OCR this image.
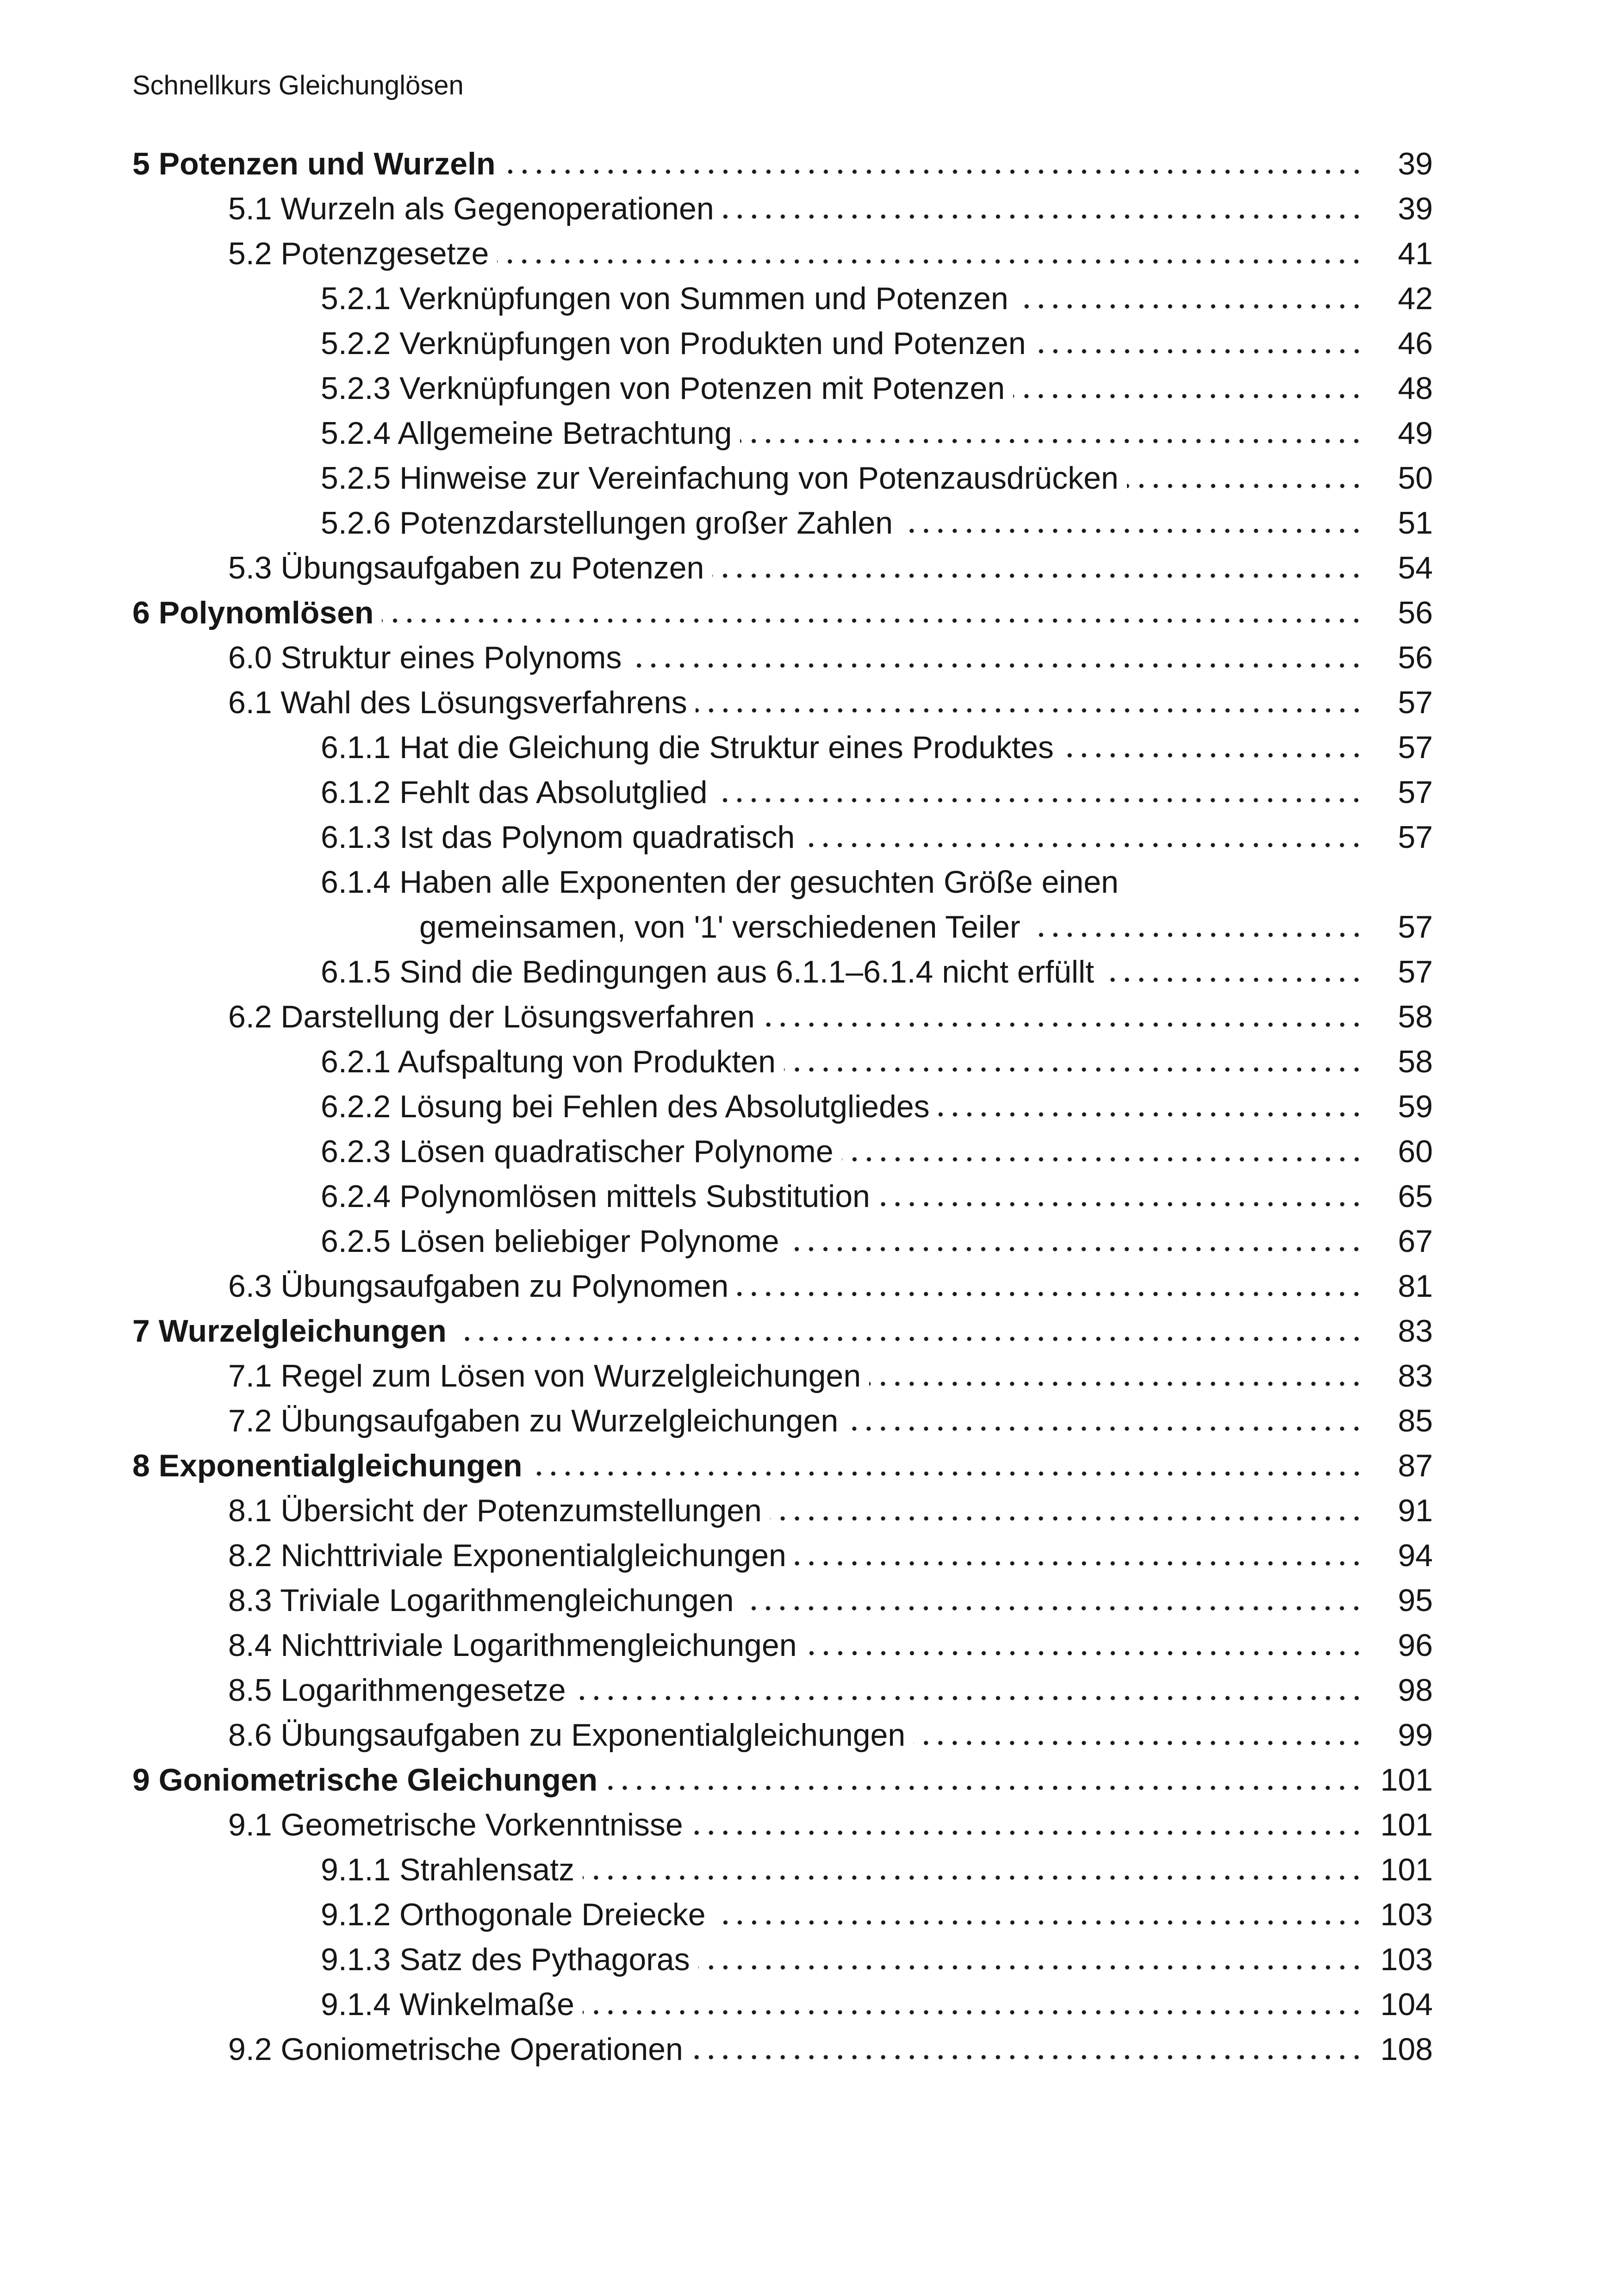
Schnellkurs Gleichunglösen
5 Potenzen und Wurzeln	39
5.1 Wurzeln als Gegenoperationen	39
5.2 Potenzgesetze	41
5.2.1 Verknüpfungen von Summen und Potenzen	42
5.2.2 Verknüpfungen von Produkten und Potenzen	46
5.2.3 Verknüpfungen von Potenzen mit Potenzen	48
5.2.4 Allgemeine Betrachtung	49
5.2.5 Hinweise zur Vereinfachung von Potenzausdrücken	50
5.2.6 Potenzdarstellungen großer Zahlen	51
5.3 Übungsaufgaben zu Potenzen	54
6 Polynomlösen	56
6.0 Struktur eines Polynoms	56
6.1 Wahl des Lösungsverfahrens	57
6.1.1 Hat die Gleichung die Struktur eines Produktes	57
6.1.2 Fehlt das Absolutglied	57
6.1.3 Ist das Polynom quadratisch	57
6.1.4 Haben alle Exponenten der gesuchten Größe einen
gemeinsamen, von '1' verschiedenen Teiler	57
6.1.5 Sind die Bedingungen aus 6.1.1–6.1.4 nicht erfüllt	57
6.2 Darstellung der Lösungsverfahren	58
6.2.1 Aufspaltung von Produkten	58
6.2.2 Lösung bei Fehlen des Absolutgliedes	59
6.2.3 Lösen quadratischer Polynome	60
6.2.4 Polynomlösen mittels Substitution	65
6.2.5 Lösen beliebiger Polynome	67
6.3 Übungsaufgaben zu Polynomen	81
7 Wurzelgleichungen	83
7.1 Regel zum Lösen von Wurzelgleichungen	83
7.2 Übungsaufgaben zu Wurzelgleichungen	85
8 Exponentialgleichungen	87
8.1 Übersicht der Potenzumstellungen	91
8.2 Nichttriviale Exponentialgleichungen	94
8.3 Triviale Logarithmengleichungen	95
8.4 Nichttriviale Logarithmengleichungen	96
8.5 Logarithmengesetze	98
8.6 Übungsaufgaben zu Exponentialgleichungen	99
9 Goniometrische Gleichungen	101
9.1 Geometrische Vorkenntnisse	101
9.1.1 Strahlensatz	101
9.1.2 Orthogonale Dreiecke	103
9.1.3 Satz des Pythagoras	103
9.1.4 Winkelmaße	104
9.2 Goniometrische Operationen	108
